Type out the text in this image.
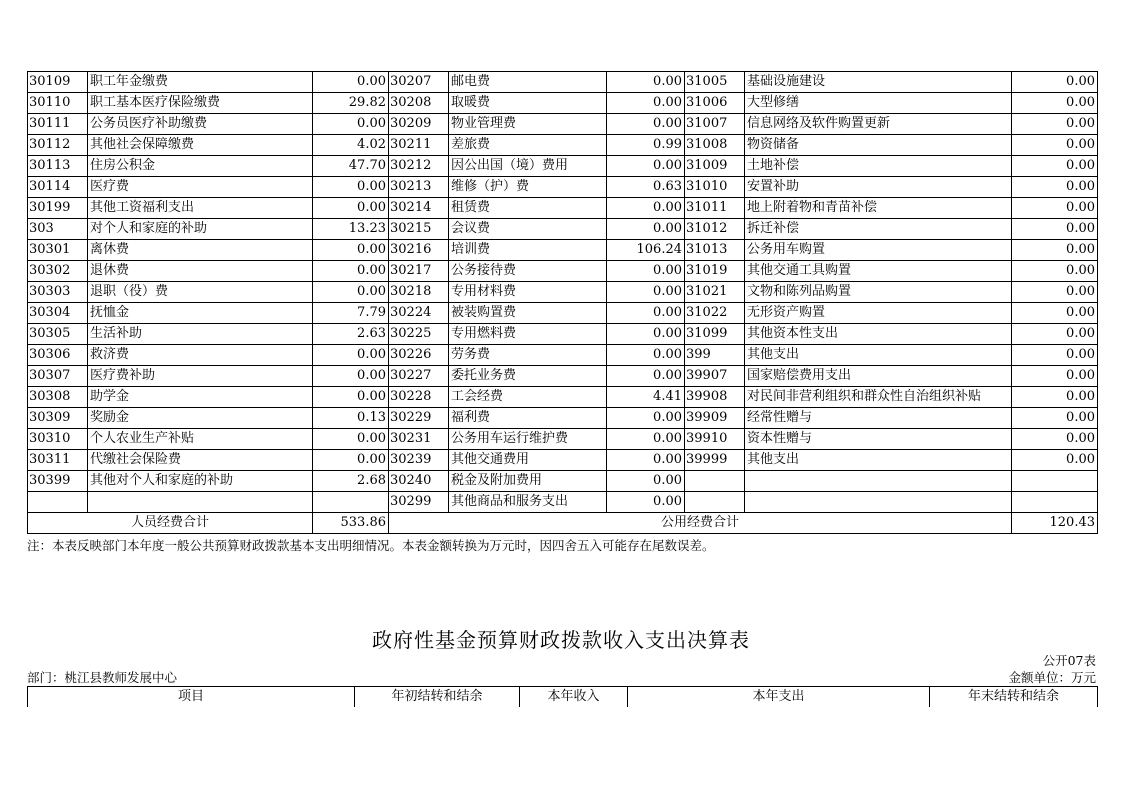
30109	职工年金缴费	0.00	30207	邮电费	0.00	31005	基础设施建设	0.00
30110	职工基本医疗保险缴费	29.82	30208	取暖费	0.00	31006	大型修缮	0.00
30111	公务员医疗补助缴费	0.00	30209	物业管理费	0.00	31007	信息网络及软件购置更新	0.00
30112	其他社会保障缴费	4.02	30211	差旅费	0.99	31008	物资储备	0.00
30113	住房公积金	47.70	30212	因公出国（境）费用	0.00	31009	土地补偿	0.00
30114	医疗费	0.00	30213	维修（护）费	0.63	31010	安置补助	0.00
30199	其他工资福利支出	0.00	30214	租赁费	0.00	31011	地上附着物和青苗补偿	0.00
303	对个人和家庭的补助	13.23	30215	会议费	0.00	31012	拆迁补偿	0.00
30301	离休费	0.00	30216	培训费	106.24	31013	公务用车购置	0.00
30302	退休费	0.00	30217	公务接待费	0.00	31019	其他交通工具购置	0.00
30303	退职（役）费	0.00	30218	专用材料费	0.00	31021	文物和陈列品购置	0.00
30304	抚恤金	7.79	30224	被装购置费	0.00	31022	无形资产购置	0.00
30305	生活补助	2.63	30225	专用燃料费	0.00	31099	其他资本性支出	0.00
30306	救济费	0.00	30226	劳务费	0.00	399	其他支出	0.00
30307	医疗费补助	0.00	30227	委托业务费	0.00	39907	国家赔偿费用支出	0.00
30308	助学金	0.00	30228	工会经费	4.41	39908	对民间非营利组织和群众性自治组织补贴	0.00
30309	奖励金	0.13	30229	福利费	0.00	39909	经常性赠与	0.00
30310	个人农业生产补贴	0.00	30231	公务用车运行维护费	0.00	39910	资本性赠与	0.00
30311	代缴社会保险费	0.00	30239	其他交通费用	0.00	39999	其他支出	0.00
30399	其他对个人和家庭的补助	2.68	30240	税金及附加费用	0.00			
			30299	其他商品和服务支出	0.00			
人员经费合计		533.86	公用经费合计					120.43
注：本表反映部门本年度一般公共预算财政拨款基本支出明细情况。本表金额转换为万元时，因四舍五入可能存在尾数误差。
政府性基金预算财政拨款收入支出决算表
公开07表
部门：桃江县教师发展中心	金额单位：万元
项目	年初结转和结余	本年收入	本年支出	年末结转和结余
